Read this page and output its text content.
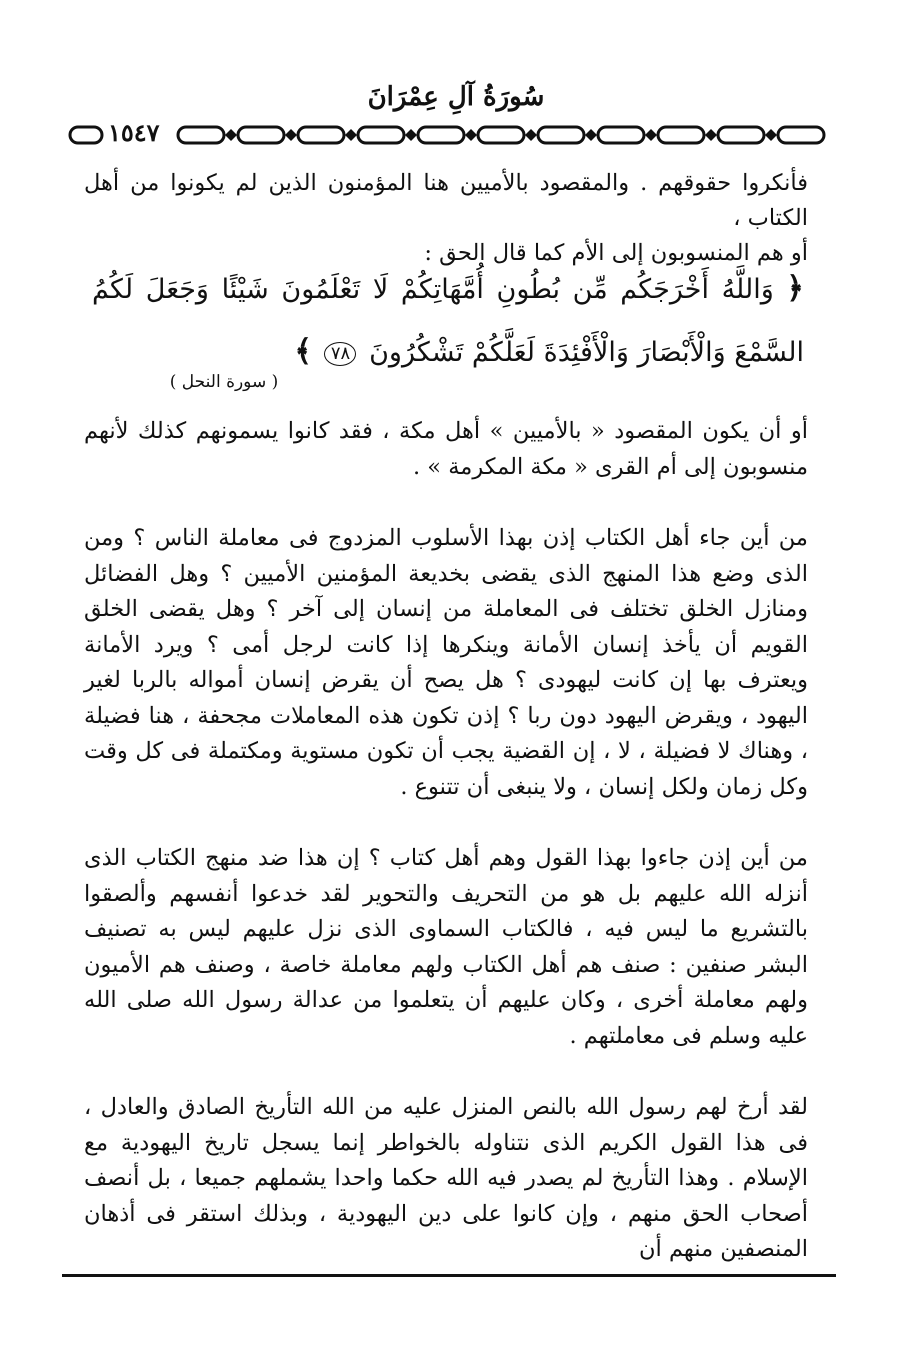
سُورَةُ آلِ عِمْرَانَ
١٥٤٧

فأنكروا حقوقهم . والمقصود بالأميين هنا المؤمنون الذين لم يكونوا من أهل الكتاب ،

أو هم المنسوبون إلى الأم كما قال الحق :

﴿ وَاللَّهُ أَخْرَجَكُم مِّن بُطُونِ أُمَّهَاتِكُمْ لَا تَعْلَمُونَ شَيْئًا وَجَعَلَ لَكُمُ السَّمْعَ وَالْأَبْصَارَ وَالْأَفْئِدَةَ لَعَلَّكُمْ تَشْكُرُونَ ٧٨ ﴾
( سورة النحل )

أو أن يكون المقصود « بالأميين » أهل مكة ، فقد كانوا يسمونهم كذلك لأنهم منسوبون إلى أم القرى « مكة المكرمة » .

من أين جاء أهل الكتاب إذن بهذا الأسلوب المزدوج فى معاملة الناس ؟ ومن الذى وضع هذا المنهج الذى يقضى بخديعة المؤمنين الأميين ؟ وهل الفضائل ومنازل الخلق تختلف فى المعاملة من إنسان إلى آخر ؟ وهل يقضى الخلق القويم أن يأخذ إنسان الأمانة وينكرها إذا كانت لرجل أمى ؟ ويرد الأمانة ويعترف بها إن كانت ليهودى ؟ هل يصح أن يقرض إنسان أمواله بالربا لغير اليهود ، ويقرض اليهود دون ربا ؟ إذن تكون هذه المعاملات مجحفة ، هنا فضيلة ، وهناك لا فضيلة ، لا ، إن القضية يجب أن تكون مستوية ومكتملة فى كل وقت وكل زمان ولكل إنسان ، ولا ينبغى أن تتنوع .

من أين إذن جاءوا بهذا القول وهم أهل كتاب ؟ إن هذا ضد منهج الكتاب الذى أنزله الله عليهم بل هو من التحريف والتحوير لقد خدعوا أنفسهم وألصقوا بالتشريع ما ليس فيه ، فالكتاب السماوى الذى نزل عليهم ليس به تصنيف البشر صنفين : صنف هم أهل الكتاب ولهم معاملة خاصة ، وصنف هم الأميون ولهم معاملة أخرى ، وكان عليهم أن يتعلموا من عدالة رسول الله صلى الله عليه وسلم فى معاملتهم .

لقد أرخ لهم رسول الله بالنص المنزل عليه من الله التأريخ الصادق والعادل ، فى هذا القول الكريم الذى نتناوله بالخواطر إنما يسجل تاريخ اليهودية مع الإسلام . وهذا التأريخ لم يصدر فيه الله حكما واحدا يشملهم جميعا ، بل أنصف أصحاب الحق منهم ، وإن كانوا على دين اليهودية ، وبذلك استقر فى أذهان المنصفين منهم أن
